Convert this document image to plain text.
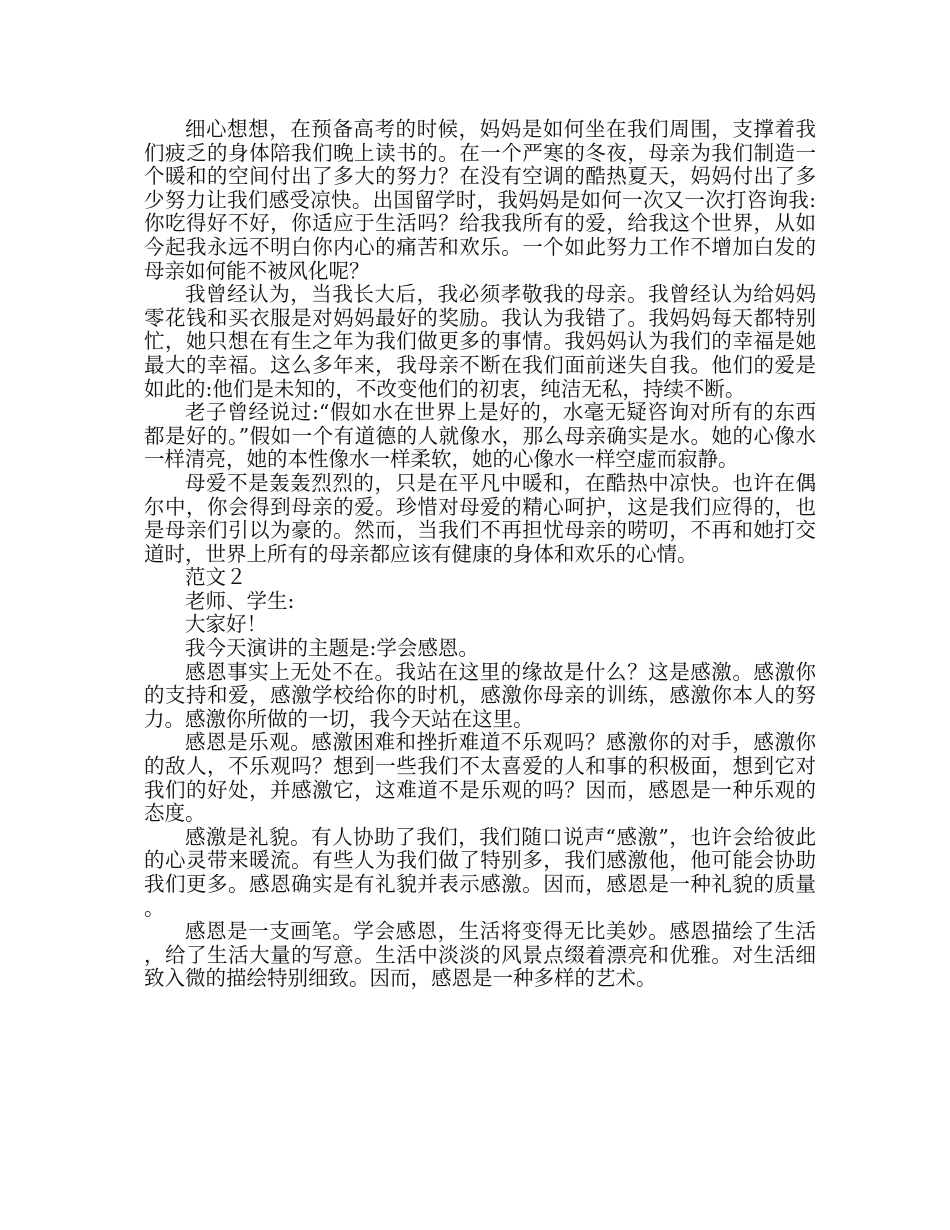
细心想想，在预备高考的时候，妈妈是如何坐在我们周围，支撑着我们疲乏的身体陪我们晚上读书的。在一个严寒的冬夜，母亲为我们制造一个暖和的空间付出了多大的努力？在没有空调的酷热夏天，妈妈付出了多少努力让我们感受凉快。出国留学时，我妈妈是如何一次又一次打咨询我:你吃得好不好，你适应于生活吗？给我我所有的爱，给我这个世界，从如今起我永远不明白你内心的痛苦和欢乐。一个如此努力工作不增加白发的母亲如何能不被风化呢？

我曾经认为，当我长大后，我必须孝敬我的母亲。我曾经认为给妈妈零花钱和买衣服是对妈妈最好的奖励。我认为我错了。我妈妈每天都特别忙，她只想在有生之年为我们做更多的事情。我妈妈认为我们的幸福是她最大的幸福。这么多年来，我母亲不断在我们面前迷失自我。他们的爱是如此的:他们是未知的，不改变他们的初衷，纯洁无私，持续不断。

老子曾经说过:“假如水在世界上是好的，水毫无疑咨询对所有的东西都是好的。”假如一个有道德的人就像水，那么母亲确实是水。她的心像水一样清亮，她的本性像水一样柔软，她的心像水一样空虚而寂静。

母爱不是轰轰烈烈的，只是在平凡中暖和，在酷热中凉快。也许在偶尔中，你会得到母亲的爱。珍惜对母爱的精心呵护，这是我们应得的，也是母亲们引以为豪的。然而，当我们不再担忧母亲的唠叨，不再和她打交道时，世界上所有的母亲都应该有健康的身体和欢乐的心情。

范文２

老师、学生:

大家好！

我今天演讲的主题是:学会感恩。

感恩事实上无处不在。我站在这里的缘故是什么？这是感激。感激你的支持和爱，感激学校给你的时机，感激你母亲的训练，感激你本人的努力。感激你所做的一切，我今天站在这里。

感恩是乐观。感激困难和挫折难道不乐观吗？感激你的对手，感激你的敌人，不乐观吗？想到一些我们不太喜爱的人和事的积极面，想到它对我们的好处，并感激它，这难道不是乐观的吗？因而，感恩是一种乐观的态度。

感激是礼貌。有人协助了我们，我们随口说声“感激”，也许会给彼此的心灵带来暖流。有些人为我们做了特别多，我们感激他，他可能会协助我们更多。感恩确实是有礼貌并表示感激。因而，感恩是一种礼貌的质量。

感恩是一支画笔。学会感恩，生活将变得无比美妙。感恩描绘了生活，给了生活大量的写意。生活中淡淡的风景点缀着漂亮和优雅。对生活细致入微的描绘特别细致。因而，感恩是一种多样的艺术。
